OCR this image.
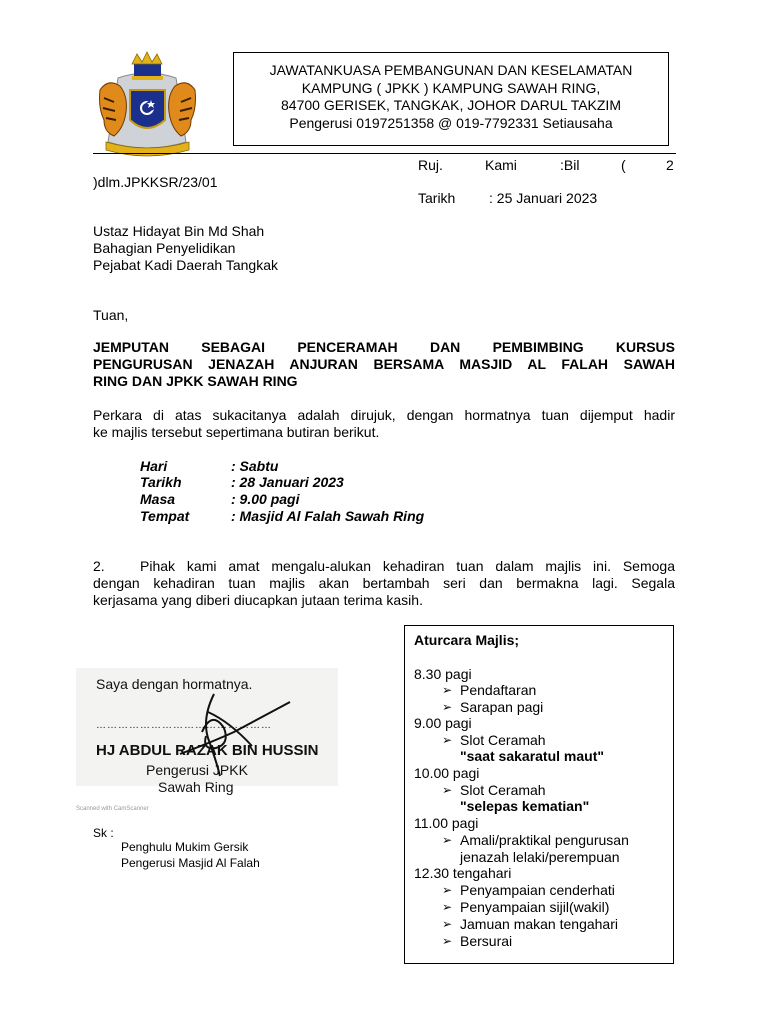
JAWATANKUASA PEMBANGUNAN DAN KESELAMATAN
KAMPUNG ( JPKK ) KAMPUNG SAWAH RING,
84700 GERISEK, TANGKAK, JOHOR DARUL TAKZIM
Pengerusi 0197251358 @ 019-7792331 Setiausaha
Ruj.	Kami	:Bil	(	2
)dlm.JPKKSR/23/01
Tarikh : 25 Januari 2023
Ustaz Hidayat Bin Md Shah
Bahagian Penyelidikan
Pejabat Kadi Daerah Tangkak
Tuan,
JEMPUTAN SEBAGAI PENCERAMAH DAN PEMBIMBING KURSUS
PENGURUSAN JENAZAH ANJURAN BERSAMA MASJID AL FALAH SAWAH
RING DAN JPKK SAWAH RING
Perkara di atas sukacitanya adalah dirujuk, dengan hormatnya tuan dijemput hadir
ke majlis tersebut sepertimana butiran berikut.
Hari	: Sabtu
Tarikh	: 28 Januari 2023
Masa	: 9.00 pagi
Tempat	: Masjid Al Falah Sawah Ring
2.	Pihak kami amat mengalu-alukan kehadiran tuan dalam majlis ini. Semoga
dengan kehadiran tuan majlis akan bertambah seri dan bermakna lagi. Segala
kerjasama yang diberi diucapkan jutaan terima kasih.
Aturcara Majlis;
8.30 pagi
➢ Pendaftaran
➢ Sarapan pagi
9.00 pagi
➢ Slot Ceramah
"saat sakaratul maut"
10.00 pagi
➢ Slot Ceramah
"selepas kematian"
11.00 pagi
➢ Amali/praktikal pengurusan
jenazah lelaki/perempuan
12.30 tengahari
➢ Penyampaian cenderhati
➢ Penyampaian sijil(wakil)
➢ Jamuan makan tengahari
➢ Bersurai
Saya dengan hormatnya.
…………………………………………
HJ ABDUL RAZAK BIN HUSSIN
Pengerusi JPKK
Sawah Ring
Scanned with CamScanner
Sk :
Penghulu Mukim Gersik
Pengerusi Masjid Al Falah
